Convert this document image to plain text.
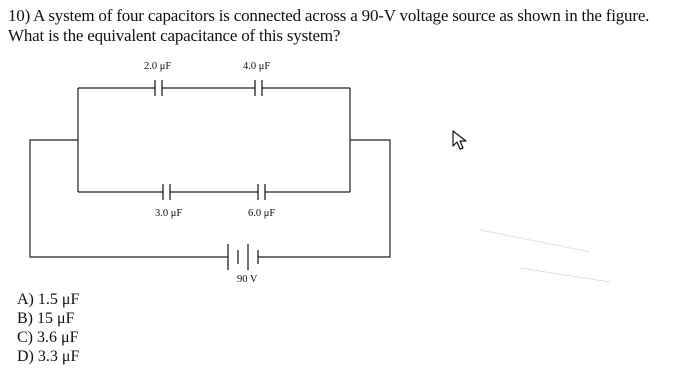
10) A system of four capacitors is connected across a 90-V voltage source as shown in the figure.
What is the equivalent capacitance of this system?
2.0 μF	4.0 μF
3.0 μF	6.0 μF
90 V
A) 1.5 μF
B) 15 μF
C) 3.6 μF
D) 3.3 μF
